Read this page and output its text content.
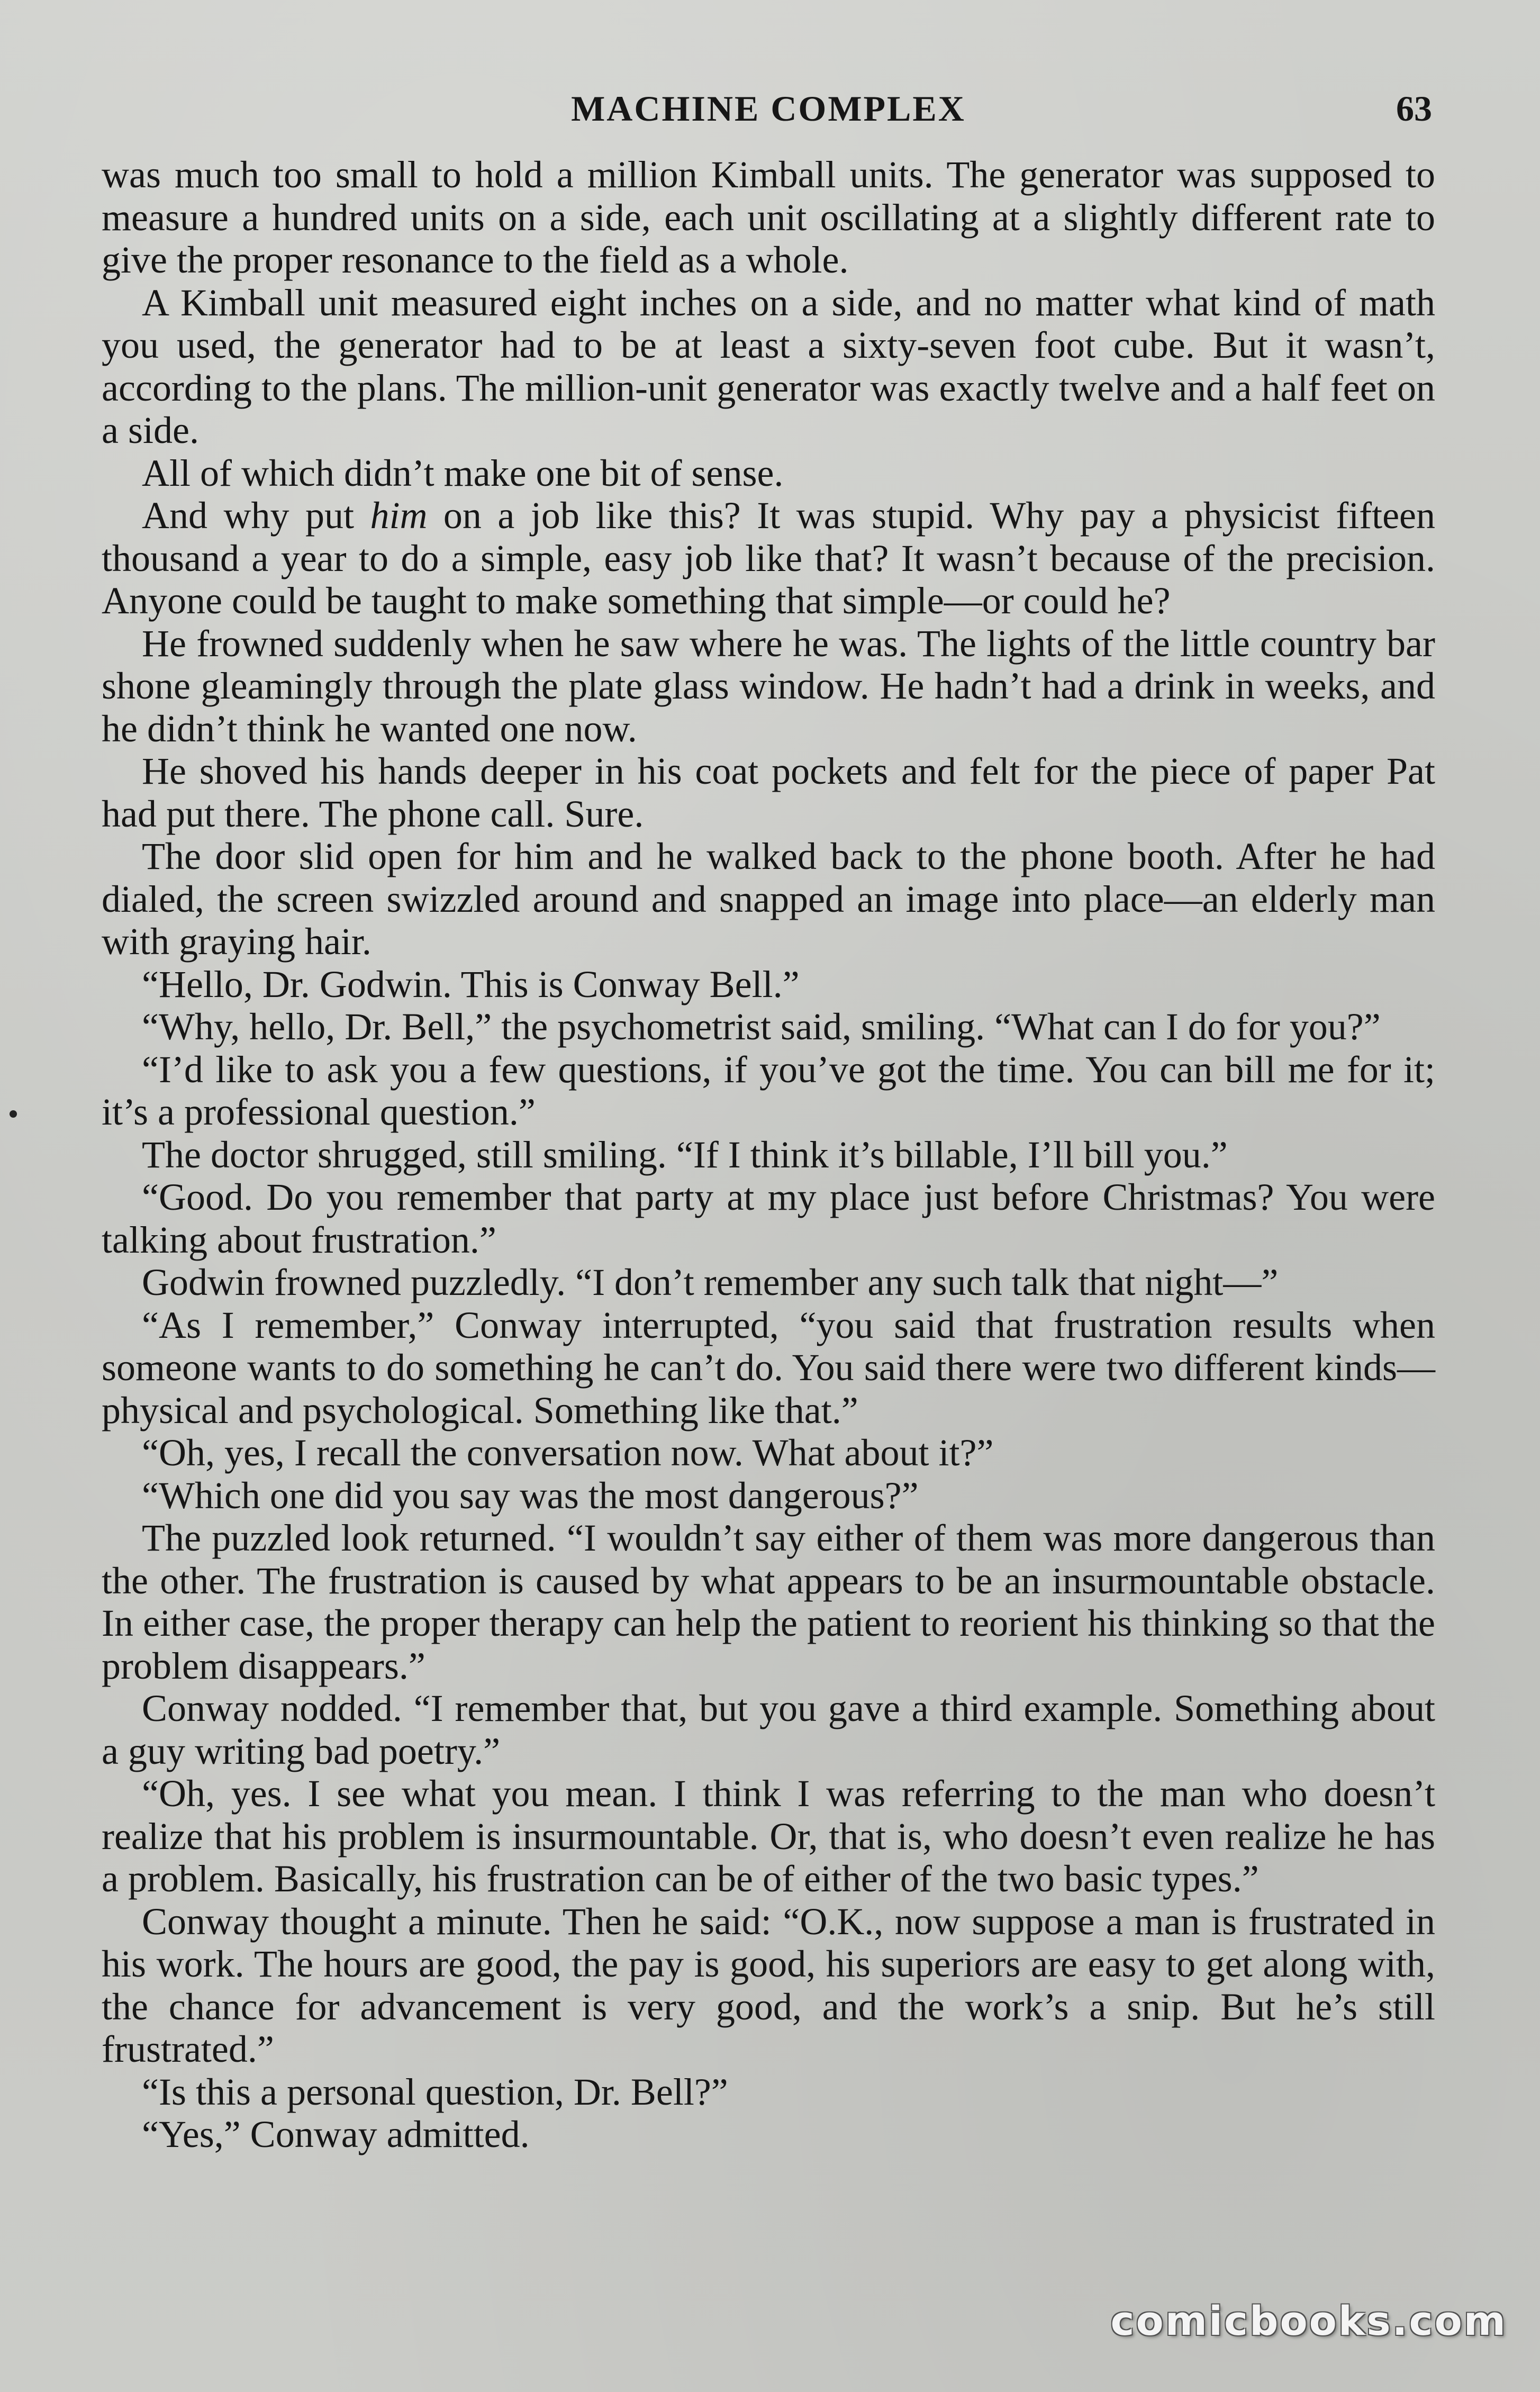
MACHINE COMPLEX	63

was much too small to hold a million Kimball units. The generator was supposed to measure a hundred units on a side, each unit oscillating at a slightly different rate to give the proper resonance to the field as a whole.

A Kimball unit measured eight inches on a side, and no matter what kind of math you used, the generator had to be at least a sixty-seven foot cube. But it wasn’t, according to the plans. The million-unit generator was exactly twelve and a half feet on a side.

All of which didn’t make one bit of sense.

And why put him on a job like this? It was stupid. Why pay a physicist fifteen thousand a year to do a simple, easy job like that? It wasn’t because of the precision. Anyone could be taught to make something that simple—or could he?

He frowned suddenly when he saw where he was. The lights of the little country bar shone gleamingly through the plate glass window. He hadn’t had a drink in weeks, and he didn’t think he wanted one now.

He shoved his hands deeper in his coat pockets and felt for the piece of paper Pat had put there. The phone call. Sure.

The door slid open for him and he walked back to the phone booth. After he had dialed, the screen swizzled around and snapped an image into place—an elderly man with graying hair.

“Hello, Dr. Godwin. This is Conway Bell.”

“Why, hello, Dr. Bell,” the psychometrist said, smiling. “What can I do for you?”

“I’d like to ask you a few questions, if you’ve got the time. You can bill me for it; it’s a professional question.”

The doctor shrugged, still smiling. “If I think it’s billable, I’ll bill you.”

“Good. Do you remember that party at my place just before Christmas? You were talking about frustration.”

Godwin frowned puzzledly. “I don’t remember any such talk that night—”

“As I remember,” Conway interrupted, “you said that frustration results when someone wants to do something he can’t do. You said there were two different kinds—physical and psychological. Something like that.”

“Oh, yes, I recall the conversation now. What about it?”

“Which one did you say was the most dangerous?”

The puzzled look returned. “I wouldn’t say either of them was more dangerous than the other. The frustration is caused by what appears to be an insurmountable obstacle. In either case, the proper therapy can help the patient to reorient his thinking so that the problem disappears.”

Conway nodded. “I remember that, but you gave a third example. Something about a guy writing bad poetry.”

“Oh, yes. I see what you mean. I think I was referring to the man who doesn’t realize that his problem is insurmountable. Or, that is, who doesn’t even realize he has a problem. Basically, his frustration can be of either of the two basic types.”

Conway thought a minute. Then he said: “O.K., now suppose a man is frustrated in his work. The hours are good, the pay is good, his superiors are easy to get along with, the chance for advancement is very good, and the work’s a snip. But he’s still frustrated.”

“Is this a personal question, Dr. Bell?”

“Yes,” Conway admitted.

comicbooks.com
